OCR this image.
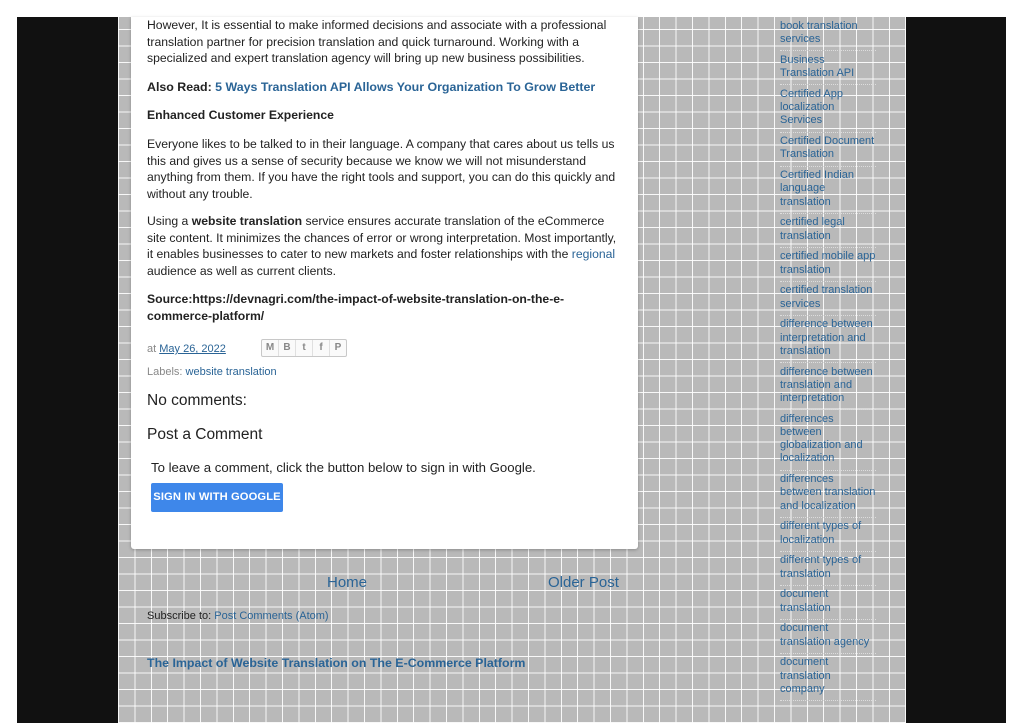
However, It is essential to make informed decisions and associate with a professional translation partner for precision translation and quick turnaround. Working with a specialized and expert translation agency will bring up new business possibilities.

Also Read: 5 Ways Translation API Allows Your Organization To Grow Better

Enhanced Customer Experience

Everyone likes to be talked to in their language. A company that cares about us tells us this and gives us a sense of security because we know we will not misunderstand anything from them. If you have the right tools and support, you can do this quickly and without any trouble.

Using a website translation service ensures accurate translation of the eCommerce site content. It minimizes the chances of error or wrong interpretation. Most importantly, it enables businesses to cater to new markets and foster relationships with the regional audience as well as current clients.

Source:https://devnagri.com/the-impact-of-website-translation-on-the-e-commerce-platform/

at May 26, 2022	M B	t	f	P
Labels: website translation
No comments:
Post a Comment
To leave a comment, click the button below to sign in with Google.
SIGN IN WITH GOOGLE
Home	Older Post
Subscribe to: Post Comments (Atom)
The Impact of Website Translation on The E-Commerce Platform
book translation services
Business Translation API
Certified App localization Services
Certified Document Translation
Certified Indian language translation
certified legal translation
certified mobile app translation
certified translation services
difference between interpretation and translation
difference between translation and interpretation
differences between globalization and localization
differences between translation and localization
different types of localization
different types of translation
document translation
document translation agency
document translation company
